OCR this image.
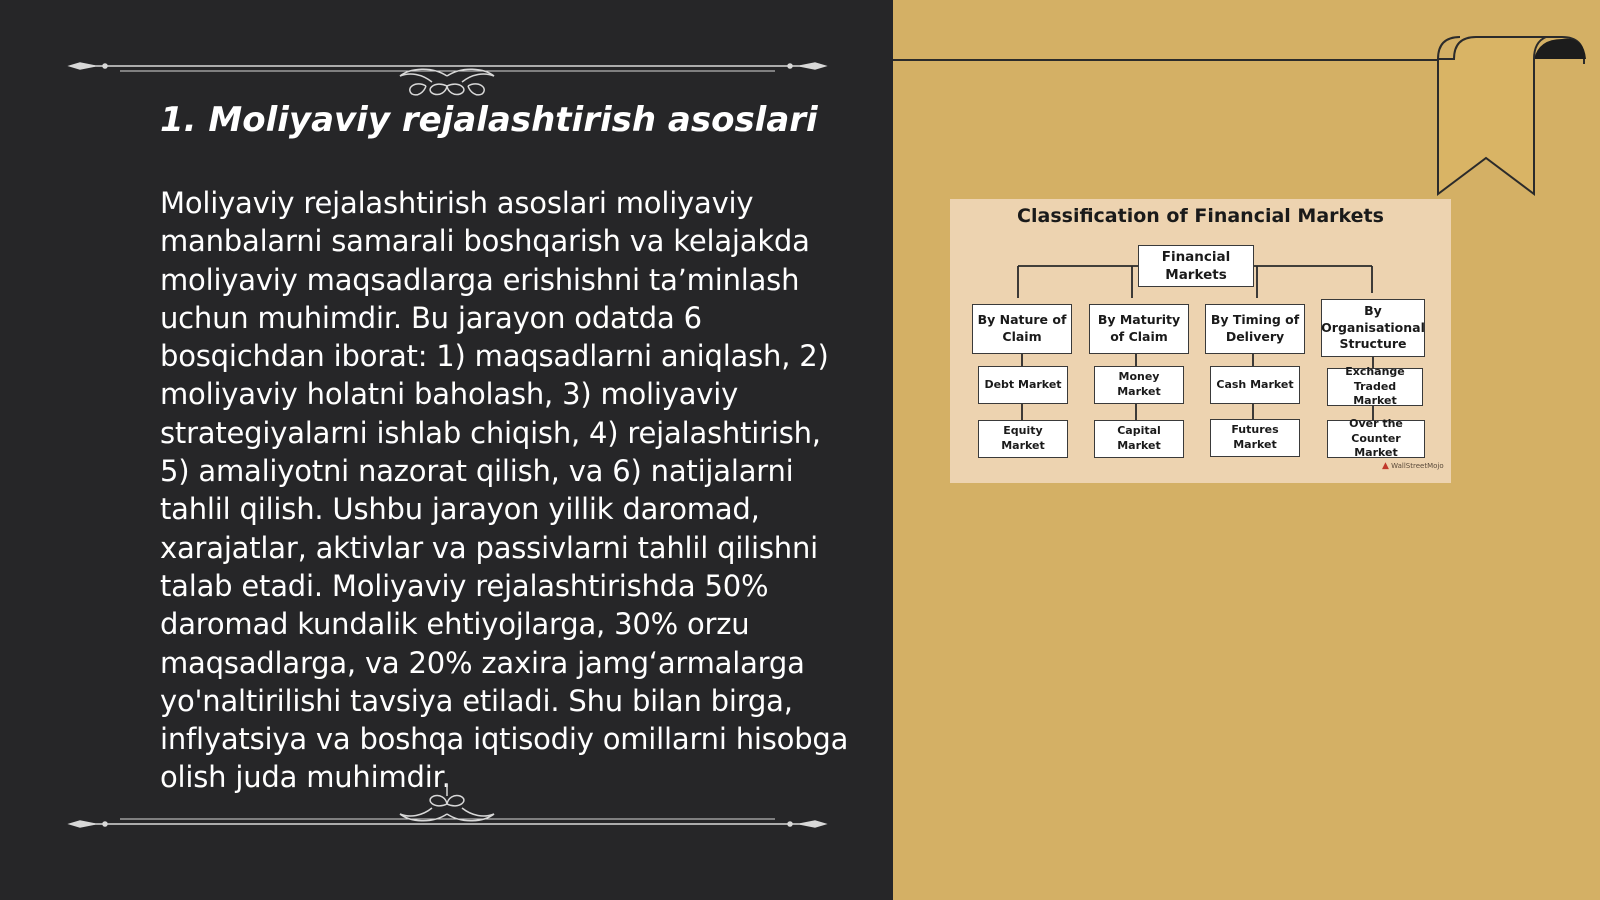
1. Moliyaviy rejalashtirish asoslari

Moliyaviy rejalashtirish asoslari moliyaviy manbalarni samarali boshqarish va kelajakda moliyaviy maqsadlarga erishishni ta’minlash uchun muhimdir. Bu jarayon odatda 6 bosqichdan iborat: 1) maqsadlarni aniqlash, 2) moliyaviy holatni baholash, 3) moliyaviy strategiyalarni ishlab chiqish, 4) rejalashtirish, 5) amaliyotni nazorat qilish, va 6) natijalarni tahlil qilish. Ushbu jarayon yillik daromad, xarajatlar, aktivlar va passivlarni tahlil qilishni talab etadi. Moliyaviy rejalashtirishda 50% daromad kundalik ehtiyojlarga, 30% orzu maqsadlarga, va 20% zaxira jamg‘armalarga yo'naltirilishi tavsiya etiladi. Shu bilan birga, inflyatsiya va boshqa iqtisodiy omillarni hisobga olish juda muhimdir.

Classification of Financial Markets
Financial Markets
By Nature of Claim
By Maturity of Claim
By Timing of Delivery
By Organisational Structure
Debt Market
Money Market
Cash Market
Exchange Traded Market
Equity Market
Capital Market
Futures Market
Over the Counter Market
▲ WallStreetMojo
